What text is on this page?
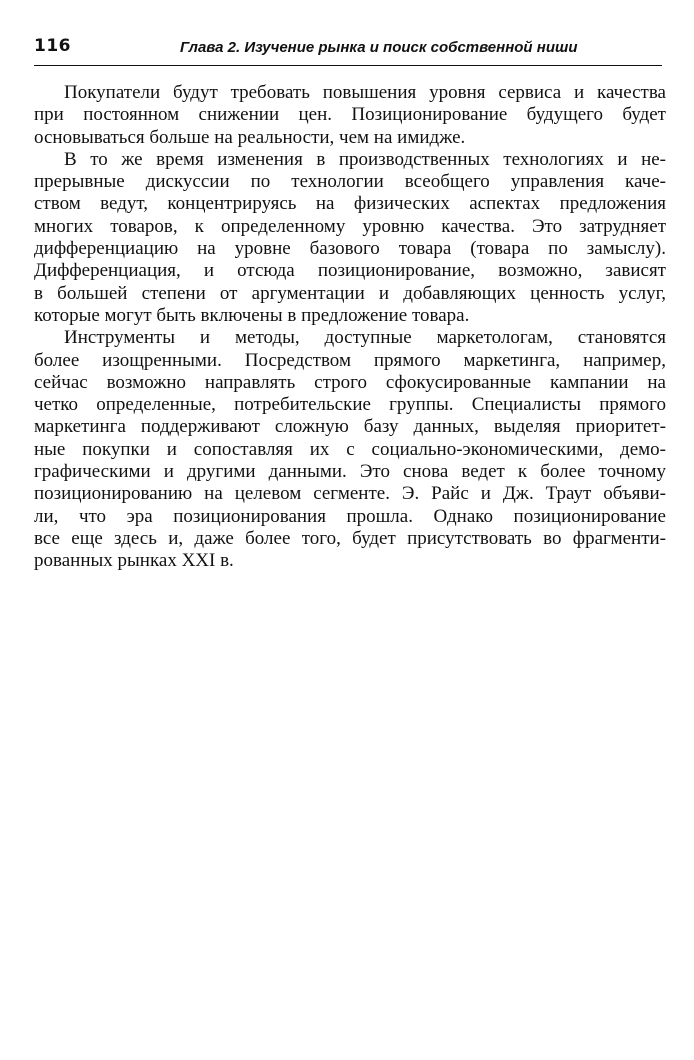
116	Глава 2. Изучение рынка и поиск собственной ниши
Покупатели будут требовать повышения уровня сервиса и качества
при постоянном снижении цен. Позиционирование будущего будет
основываться больше на реальности, чем на имидже.
В то же время изменения в производственных технологиях и не-
прерывные дискуссии по технологии всеобщего управления каче-
ством ведут, концентрируясь на физических аспектах предложения
многих товаров, к определенному уровню качества. Это затрудняет
дифференциацию на уровне базового товара (товара по замыслу).
Дифференциация, и отсюда позиционирование, возможно, зависят
в большей степени от аргументации и добавляющих ценность услуг,
которые могут быть включены в предложение товара.
Инструменты и методы, доступные маркетологам, становятся
более изощренными. Посредством прямого маркетинга, например,
сейчас возможно направлять строго сфокусированные кампании на
четко определенные, потребительские группы. Специалисты прямого
маркетинга поддерживают сложную базу данных, выделяя приоритет-
ные покупки и сопоставляя их с социально-экономическими, демо-
графическими и другими данными. Это снова ведет к более точному
позиционированию на целевом сегменте. Э. Райс и Дж. Траут объяви-
ли, что эра позиционирования прошла. Однако позиционирование
все еще здесь и, даже более того, будет присутствовать во фрагменти-
рованных рынках XXI в.
